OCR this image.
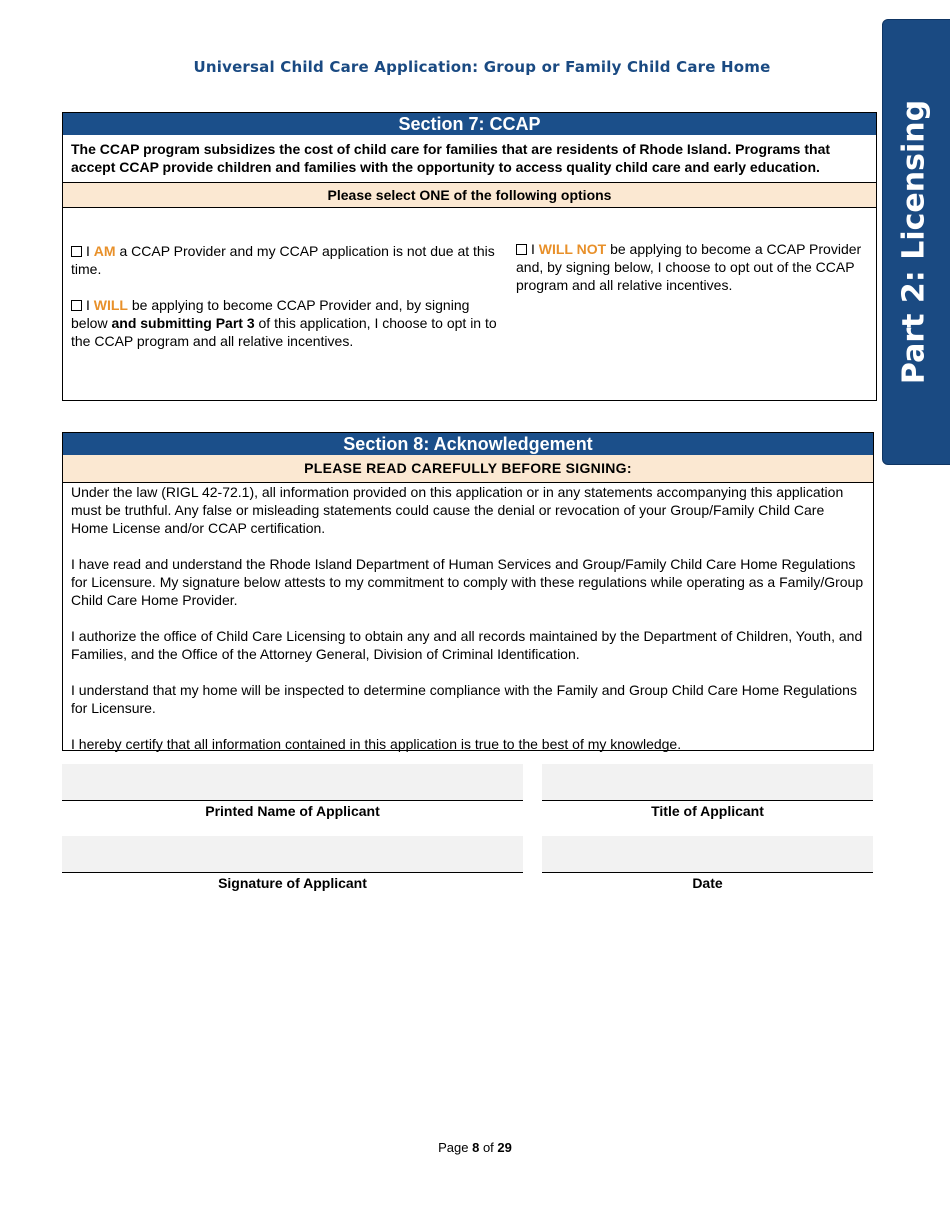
Universal Child Care Application: Group or Family Child Care Home
Part 2: Licensing
Section 7: CCAP
The CCAP program subsidizes the cost of child care for families that are residents of Rhode Island. Programs that accept CCAP provide children and families with the opportunity to access quality child care and early education.
Please select ONE of the following options
I AM a CCAP Provider and my CCAP application is not due at this time.
I WILL be applying to become CCAP Provider and, by signing below and submitting Part 3 of this application, I choose to opt in to the CCAP program and all relative incentives.
I WILL NOT be applying to become a CCAP Provider and, by signing below, I choose to opt out of the CCAP program and all relative incentives.
Section 8: Acknowledgement
PLEASE READ CAREFULLY BEFORE SIGNING:

Under the law (RIGL 42-72.1), all information provided on this application or in any statements accompanying this application must be truthful. Any false or misleading statements could cause the denial or revocation of your Group/Family Child Care Home License and/or CCAP certification.

I have read and understand the Rhode Island Department of Human Services and Group/Family Child Care Home Regulations for Licensure. My signature below attests to my commitment to comply with these regulations while operating as a Family/Group Child Care Home Provider.

I authorize the office of Child Care Licensing to obtain any and all records maintained by the Department of Children, Youth, and Families, and the Office of the Attorney General, Division of Criminal Identification.

I understand that my home will be inspected to determine compliance with the Family and Group Child Care Home Regulations for Licensure.

I hereby certify that all information contained in this application is true to the best of my knowledge.

Printed Name of Applicant	Title of Applicant
Signature of Applicant	Date
Page 8 of 29
